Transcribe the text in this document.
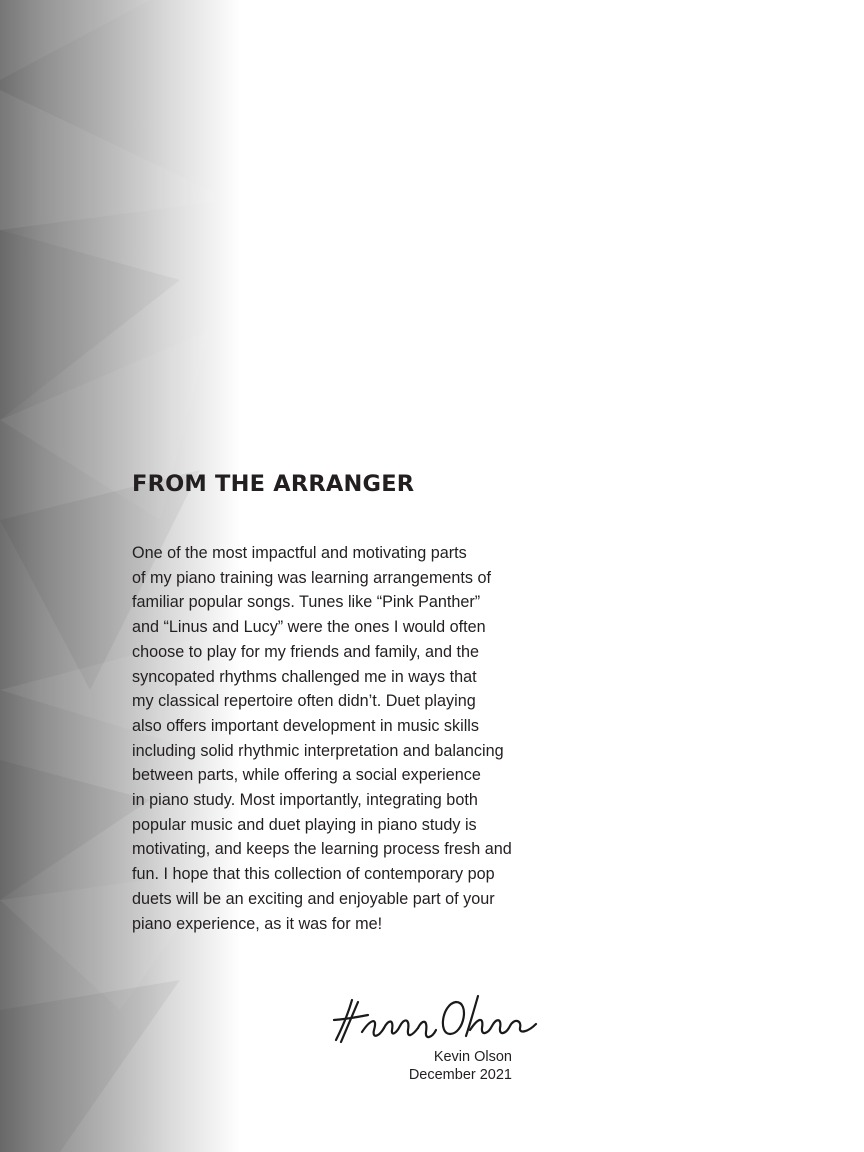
FROM THE ARRANGER
One of the most impactful and motivating parts
of my piano training was learning arrangements of
familiar popular songs. Tunes like “Pink Panther”
and “Linus and Lucy” were the ones I would often
choose to play for my friends and family, and the
syncopated rhythms challenged me in ways that
my classical repertoire often didn’t. Duet playing
also offers important development in music skills
including solid rhythmic interpretation and balancing
between parts, while offering a social experience
in piano study. Most importantly, integrating both
popular music and duet playing in piano study is
motivating, and keeps the learning process fresh and
fun. I hope that this collection of contemporary pop
duets will be an exciting and enjoyable part of your
piano experience, as it was for me!
Kevin Olson
December 2021
